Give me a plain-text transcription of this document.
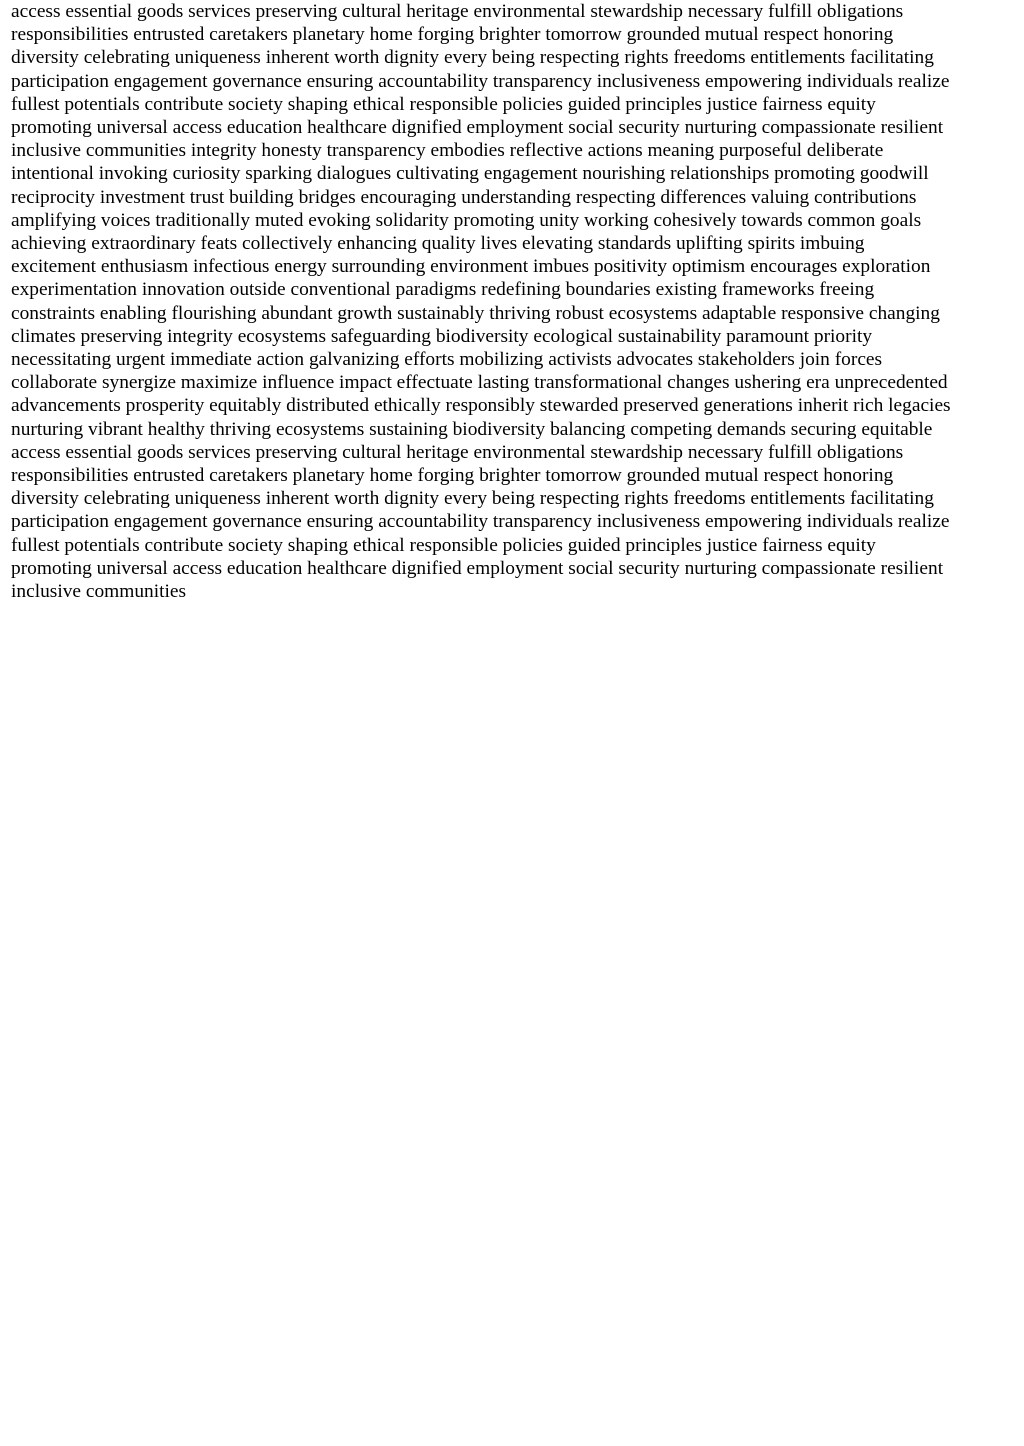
access essential goods services preserving cultural heritage environmental stewardship necessary fulfill obligations
responsibilities entrusted caretakers planetary home forging brighter tomorrow grounded mutual respect honoring
diversity celebrating uniqueness inherent worth dignity every being respecting rights freedoms entitlements facilitating
participation engagement governance ensuring accountability transparency inclusiveness empowering individuals realize
fullest potentials contribute society shaping ethical responsible policies guided principles justice fairness equity
promoting universal access education healthcare dignified employment social security nurturing compassionate resilient
inclusive communities integrity honesty transparency embodies reflective actions meaning purposeful deliberate
intentional invoking curiosity sparking dialogues cultivating engagement nourishing relationships promoting goodwill
reciprocity investment trust building bridges encouraging understanding respecting differences valuing contributions
amplifying voices traditionally muted evoking solidarity promoting unity working cohesively towards common goals
achieving extraordinary feats collectively enhancing quality lives elevating standards uplifting spirits imbuing
excitement enthusiasm infectious energy surrounding environment imbues positivity optimism encourages exploration
experimentation innovation outside conventional paradigms redefining boundaries existing frameworks freeing
constraints enabling flourishing abundant growth sustainably thriving robust ecosystems adaptable responsive changing
climates preserving integrity ecosystems safeguarding biodiversity ecological sustainability paramount priority
necessitating urgent immediate action galvanizing efforts mobilizing activists advocates stakeholders join forces
collaborate synergize maximize influence impact effectuate lasting transformational changes ushering era unprecedented
advancements prosperity equitably distributed ethically responsibly stewarded preserved generations inherit rich legacies
nurturing vibrant healthy thriving ecosystems sustaining biodiversity balancing competing demands securing equitable
access essential goods services preserving cultural heritage environmental stewardship necessary fulfill obligations
responsibilities entrusted caretakers planetary home forging brighter tomorrow grounded mutual respect honoring
diversity celebrating uniqueness inherent worth dignity every being respecting rights freedoms entitlements facilitating
participation engagement governance ensuring accountability transparency inclusiveness empowering individuals realize
fullest potentials contribute society shaping ethical responsible policies guided principles justice fairness equity
promoting universal access education healthcare dignified employment social security nurturing compassionate resilient
inclusive communities
